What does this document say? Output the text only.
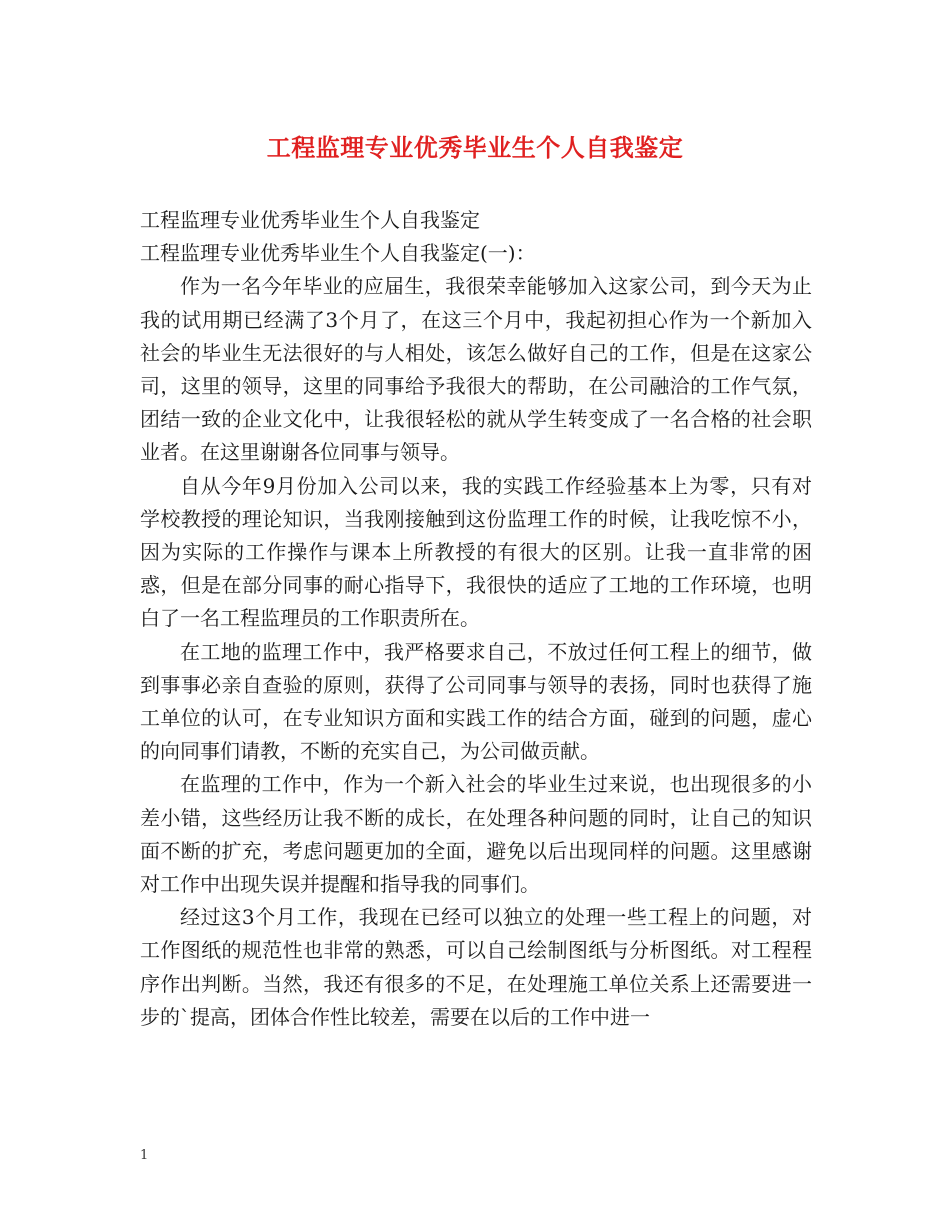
工程监理专业优秀毕业生个人自我鉴定

工程监理专业优秀毕业生个人自我鉴定

工程监理专业优秀毕业生个人自我鉴定(一)：

作为一名今年毕业的应届生，我很荣幸能够加入这家公司，到今天为止我的试用期已经满了3个月了，在这三个月中，我起初担心作为一个新加入社会的毕业生无法很好的与人相处，该怎么做好自己的工作，但是在这家公司，这里的领导，这里的同事给予我很大的帮助，在公司融洽的工作气氛，团结一致的企业文化中，让我很轻松的就从学生转变成了一名合格的社会职业者。在这里谢谢各位同事与领导。

自从今年9月份加入公司以来，我的实践工作经验基本上为零，只有对学校教授的理论知识，当我刚接触到这份监理工作的时候，让我吃惊不小，因为实际的工作操作与课本上所教授的有很大的区别。让我一直非常的困惑，但是在部分同事的耐心指导下，我很快的适应了工地的工作环境，也明白了一名工程监理员的工作职责所在。

在工地的监理工作中，我严格要求自己，不放过任何工程上的细节，做到事事必亲自查验的原则，获得了公司同事与领导的表扬，同时也获得了施工单位的认可，在专业知识方面和实践工作的结合方面，碰到的问题，虚心的向同事们请教，不断的充实自己，为公司做贡献。

在监理的工作中，作为一个新入社会的毕业生过来说，也出现很多的小差小错，这些经历让我不断的成长，在处理各种问题的同时，让自己的知识面不断的扩充，考虑问题更加的全面，避免以后出现同样的问题。这里感谢对工作中出现失误并提醒和指导我的同事们。

经过这3个月工作，我现在已经可以独立的处理一些工程上的问题，对工作图纸的规范性也非常的熟悉，可以自己绘制图纸与分析图纸。对工程程序作出判断。当然，我还有很多的不足，在处理施工单位关系上还需要进一步的`提高，团体合作性比较差，需要在以后的工作中进一

1
